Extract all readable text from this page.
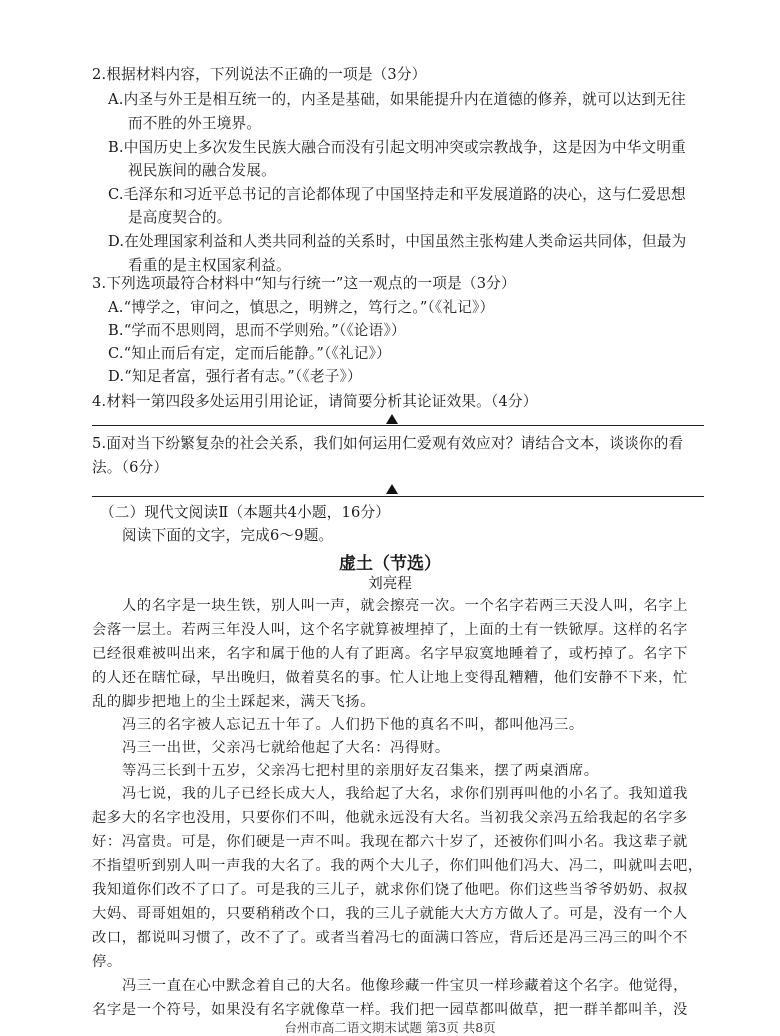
2.根据材料内容，下列说法不正确的一项是（3分）
A.内圣与外王是相互统一的，内圣是基础，如果能提升内在道德的修养，就可以达到无往
而不胜的外王境界。
B.中国历史上多次发生民族大融合而没有引起文明冲突或宗教战争，这是因为中华文明重
视民族间的融合发展。
C.毛泽东和习近平总书记的言论都体现了中国坚持走和平发展道路的决心，这与仁爱思想
是高度契合的。
D.在处理国家利益和人类共同利益的关系时，中国虽然主张构建人类命运共同体，但最为
看重的是主权国家利益。
3.下列选项最符合材料中“知与行统一”这一观点的一项是（3分）
A.“博学之，审问之，慎思之，明辨之，笃行之。”（《礼记》）
B.“学而不思则罔，思而不学则殆。”（《论语》）
C.“知止而后有定，定而后能静。”（《礼记》）
D.“知足者富，强行者有志。”（《老子》）
4.材料一第四段多处运用引用论证，请简要分析其论证效果。（4分）
5.面对当下纷繁复杂的社会关系，我们如何运用仁爱观有效应对？请结合文本，谈谈你的看
法。（6分）
（二）现代文阅读Ⅱ（本题共4小题，16分）
阅读下面的文字，完成6～9题。
虚土（节选）
刘亮程
人的名字是一块生铁，别人叫一声，就会擦亮一次。一个名字若两三天没人叫，名字上
会落一层土。若两三年没人叫，这个名字就算被埋掉了，上面的土有一铁锨厚。这样的名字
已经很难被叫出来，名字和属于他的人有了距离。名字早寂寞地睡着了，或朽掉了。名字下
的人还在瞎忙碌，早出晚归，做着莫名的事。忙人让地上变得乱糟糟，他们安静不下来，忙
乱的脚步把地上的尘土踩起来，满天飞扬。
冯三的名字被人忘记五十年了。人们扔下他的真名不叫，都叫他冯三。
冯三一出世，父亲冯七就给他起了大名：冯得财。
等冯三长到十五岁，父亲冯七把村里的亲朋好友召集来，摆了两桌酒席。
冯七说，我的儿子已经长成大人，我给起了大名，求你们别再叫他的小名了。我知道我
起多大的名字也没用，只要你们不叫，他就永远没有大名。当初我父亲冯五给我起的名字多
好：冯富贵。可是，你们硬是一声不叫。我现在都六十岁了，还被你们叫小名。我这辈子就
不指望听到别人叫一声我的大名了。我的两个大儿子，你们叫他们冯大、冯二，叫就叫去吧，
我知道你们改不了口了。可是我的三儿子，就求你们饶了他吧。你们这些当爷爷奶奶、叔叔
大妈、哥哥姐姐的，只要稍稍改个口，我的三儿子就能大大方方做人了。可是，没有一个人
改口，都说叫习惯了，改不了了。或者当着冯七的面满口答应，背后还是冯三冯三的叫个不
停。
冯三一直在心中默念着自己的大名。他像珍藏一件宝贝一样珍藏着这个名字。他觉得，
名字是一个符号，如果没有名字就像草一样。我们把一园草都叫做草，把一群羊都叫羊，没
台州市高二语文期末试题 第3页 共8页
